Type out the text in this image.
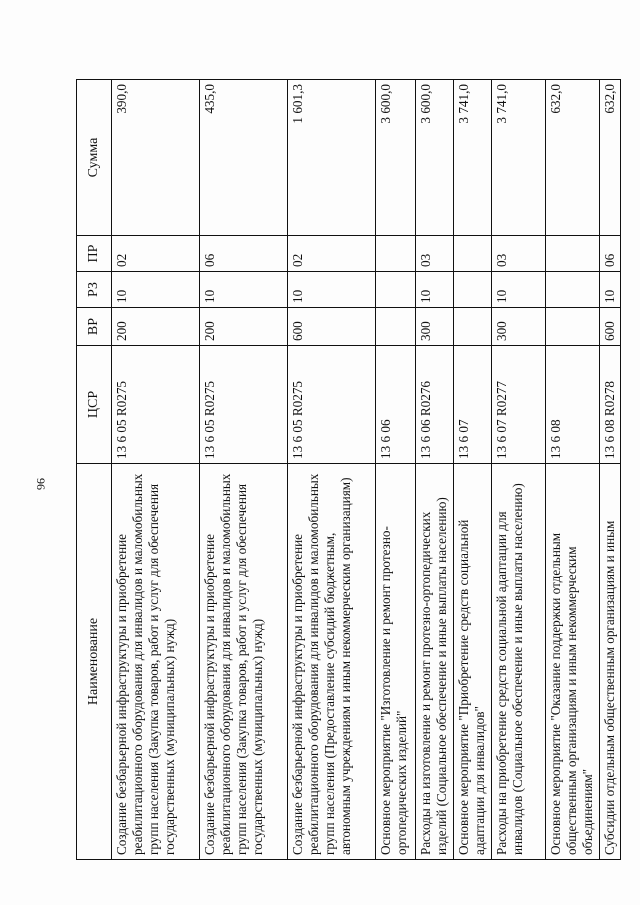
96
Наименование	ЦСР	ВР	РЗ	ПР	Сумма
Создание безбарьерной инфраструктуры и приобретение реабилитационного оборудования для инвалидов и маломобильных групп населения (Закупка товаров, работ и услуг для обеспечения государственных (муниципальных) нужд)	13 6 05 R0275	200	10	02	390,0
Создание безбарьерной инфраструктуры и приобретение реабилитационного оборудования для инвалидов и маломобильных групп населения (Закупка товаров, работ и услуг для обеспечения государственных (муниципальных) нужд)	13 6 05 R0275	200	10	06	435,0
Создание безбарьерной инфраструктуры и приобретение реабилитационного оборудования для инвалидов и маломобильных групп населения (Предоставление субсидий бюджетным, автономным учреждениям и иным некоммерческим организациям)	13 6 05 R0275	600	10	02	1 601,3
Основное мероприятие "Изготовление и ремонт протезно-ортопедических изделий"	13 6 06				3 600,0
Расходы на изготовление и ремонт протезно-ортопедических изделий (Социальное обеспечение и иные выплаты населению)	13 6 06 R0276	300	10	03	3 600,0
Основное мероприятие "Приобретение средств социальной адаптации для инвалидов"	13 6 07				3 741,0
Расходы на приобретение средств социальной адаптации для инвалидов (Социальное обеспечение и иные выплаты населению)	13 6 07 R0277	300	10	03	3 741,0
Основное мероприятие "Оказание поддержки отдельным общественным организациям и иным некоммерческим объединениям"	13 6 08				632,0
Субсидии отдельным общественным организациям и иным	13 6 08 R0278	600	10	06	632,0
